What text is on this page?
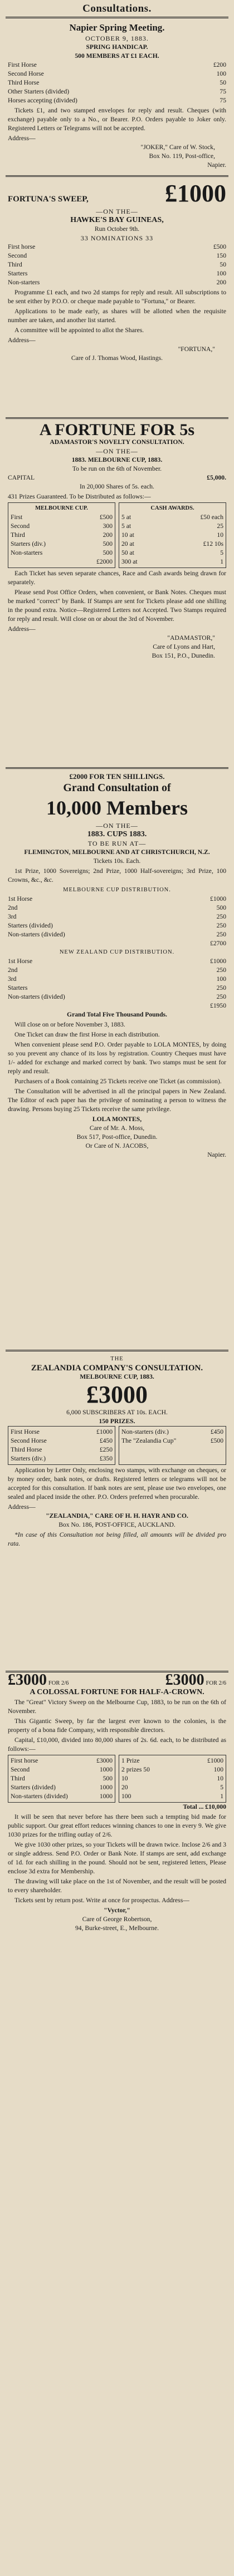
Consultations.
Napier Spring Meeting.
OCTOBER 9, 1883.
SPRING HANDICAP.
500 MEMBERS AT £1 EACH.
First Horse	£200
Second Horse	100
Third Horse	50
Other Starters (divided)	75
Horses accepting (divided)	75

Tickets £1, and two stamped envelopes for reply and result. Cheques (with exchange) payable only to a No., or Bearer. P.O. Orders payable to Joker only. Registered Letters or Telegrams will not be accepted.

Address—
"JOKER," Care of W. Stock,
Box No. 119, Post-office,
Napier.
FORTUNA'S SWEEP,	£1000
—ON THE—
HAWKE'S BAY GUINEAS,
Run October 9th.
33 NOMINATIONS 33
First horse	£500
Second	150
Third	50
Starters	100
Non-starters	200

Programme £1 each, and two 2d stamps for reply and result. All subscriptions to be sent either by P.O.O. or cheque made payable to "Fortuna," or Bearer.

Applications to be made early, as shares will be allotted when the requisite number are taken, and another list started.

A committee will be appointed to allot the Shares.

Address—
"FORTUNA,"
Care of J. Thomas Wood, Hastings.
A FORTUNE FOR 5s
ADAMASTOR'S NOVELTY CONSULTATION.
—ON THE—
1883. MELBOURNE CUP, 1883.
To be run on the 6th of November.
CAPITAL	£5,000.
In 20,000 Shares of 5s. each.

431 Prizes Guaranteed. To be Distributed as follows:—

MELBOURNE CUP.
First	£500
Second	300
Third	200
Starters (div.)	500
Non-starters	500
£2000
CASH AWARDS.
5 at	£50 each
5 at	25
10 at	10
20 at	£12 10s
50 at	5
300 at	1

Each Ticket has seven separate chances, Race and Cash awards being drawn for separately.

Please send Post Office Orders, when convenient, or Bank Notes. Cheques must be marked "correct" by Bank. If Stamps are sent for Tickets please add one shilling in the pound extra. Notice—Registered Letters not Accepted. Two Stamps required for reply and result. Will close on or about the 3rd of November.

Address—
"ADAMASTOR,"
Care of Lyons and Hart,
Box 151, P.O., Dunedin.
£2000 FOR TEN SHILLINGS.
Grand Consultation of
10,000 Members
—ON THE—
1883. CUPS 1883.
TO BE RUN AT—
FLEMINGTON, MELBOURNE AND AT CHRISTCHURCH, N.Z.
Tickets 10s. Each.

1st Prize, 1000 Sovereigns; 2nd Prize, 1000 Half-sovereigns; 3rd Prize, 100 Crowns, &c., &c.

MELBOURNE CUP DISTRIBUTION.
1st Horse	£1000
2nd	500
3rd	250
Starters (divided)	250
Non-starters (divided)	250
£2700
NEW ZEALAND CUP DISTRIBUTION.
1st Horse	£1000
2nd	250
3rd	100
Starters	250
Non-starters (divided)	250
£1950
Grand Total Five Thousand Pounds.

Will close on or before November 3, 1883.

One Ticket can draw the first Horse in each distribution.

When convenient please send P.O. Order payable to LOLA MONTES, by doing so you prevent any chance of its loss by registration. Country Cheques must have 1/- added for exchange and marked correct by bank. Two stamps must be sent for reply and result.

Purchasers of a Book containing 25 Tickets receive one Ticket (as commission).

The Consultation will be advertised in all the principal papers in New Zealand. The Editor of each paper has the privilege of nominating a person to witness the drawing. Persons buying 25 Tickets receive the same privilege.

LOLA MONTES,
Care of Mr. A. Moss,
Box 517, Post-office, Dunedin.
Or Care of N. JACOBS,
Napier.
THE
ZEALANDIA COMPANY'S CONSULTATION.
MELBOURNE CUP, 1883.
£3000
6,000 SUBSCRIBERS AT 10s. EACH.
150 PRIZES.
First Horse	£1000
Second Horse	£450
Third Horse	£250
Starters (div.)	£350
Non-starters (div.)	£450
The "Zealandia Cup"	£500

Application by Letter Only, enclosing two stamps, with exchange on cheques, or by money order, bank notes, or drafts. Registered letters or telegrams will not be accepted for this consultation. If bank notes are sent, please use two envelopes, one sealed and placed inside the other. P.O. Orders preferred when procurable.

Address—
"ZEALANDIA," CARE OF H. H. HAYR AND CO.
Box No. 186, POST-OFFICE, AUCKLAND.

*In case of this Consultation not being filled, all amounts will be divided pro rata.

£3000 FOR 2/6	£3000 FOR 2/6
A COLOSSAL FORTUNE FOR HALF-A-CROWN.

The "Great" Victory Sweep on the Melbourne Cup, 1883, to be run on the 6th of November.

This Gigantic Sweep, by far the largest ever known to the colonies, is the property of a bona fide Company, with responsible directors.

Capital, £10,000, divided into 80,000 shares of 2s. 6d. each, to be distributed as follows:—

First horse	£3000
Second	1000
Third	500
Starters (divided)	1000
Non-starters (divided)	1000
1 Prize	£1000
2 prizes 50	100
10	10
20	5
100	1
Total ... £10,000

It will be seen that never before has there been such a tempting bid made for public support. Our great effort reduces winning chances to one in every 9. We give 1030 prizes for the trifling outlay of 2/6.

We give 1030 other prizes, so your Tickets will be drawn twice. Inclose 2/6 and 3 or single address. Send P.O. Order or Bank Note. If stamps are sent, add exchange of 1d. for each shilling in the pound. Should not be sent, registered letters, Please enclose 3d extra for Membership.

The drawing will take place on the 1st of November, and the result will be posted to every shareholder.

Tickets sent by return post. Write at once for prospectus. Address—

"Vyctor,"
Care of George Robertson,
94, Burke-street, E., Melbourne.
